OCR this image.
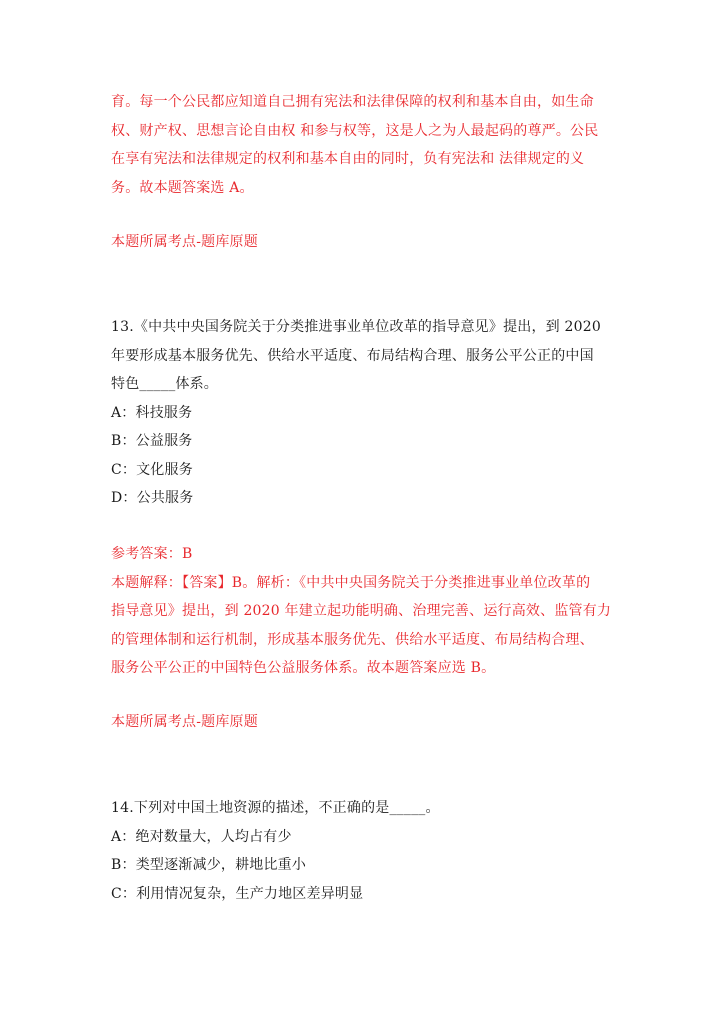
育。每一个公民都应知道自己拥有宪法和法律保障的权利和基本自由，如生命
权、财产权、思想言论自由权 和参与权等，这是人之为人最起码的尊严。公民
在享有宪法和法律规定的权利和基本自由的同时，负有宪法和 法律规定的义
务。故本题答案选 A。
本题所属考点-题库原题
13.《中共中央国务院关于分类推进事业单位改革的指导意见》提出，到 2020
年要形成基本服务优先、供给水平适度、布局结构合理、服务公平公正的中国
特色_____体系。
A：科技服务
B：公益服务
C：文化服务
D：公共服务
参考答案：B
本题解释：【答案】B。解析：《中共中央国务院关于分类推进事业单位改革的
指导意见》提出，到 2020 年建立起功能明确、治理完善、运行高效、监管有力
的管理体制和运行机制，形成基本服务优先、供给水平适度、布局结构合理、
服务公平公正的中国特色公益服务体系。故本题答案应选 B。
本题所属考点-题库原题
14.下列对中国土地资源的描述，不正确的是_____。
A：绝对数量大，人均占有少
B：类型逐渐减少，耕地比重小
C：利用情况复杂，生产力地区差异明显
